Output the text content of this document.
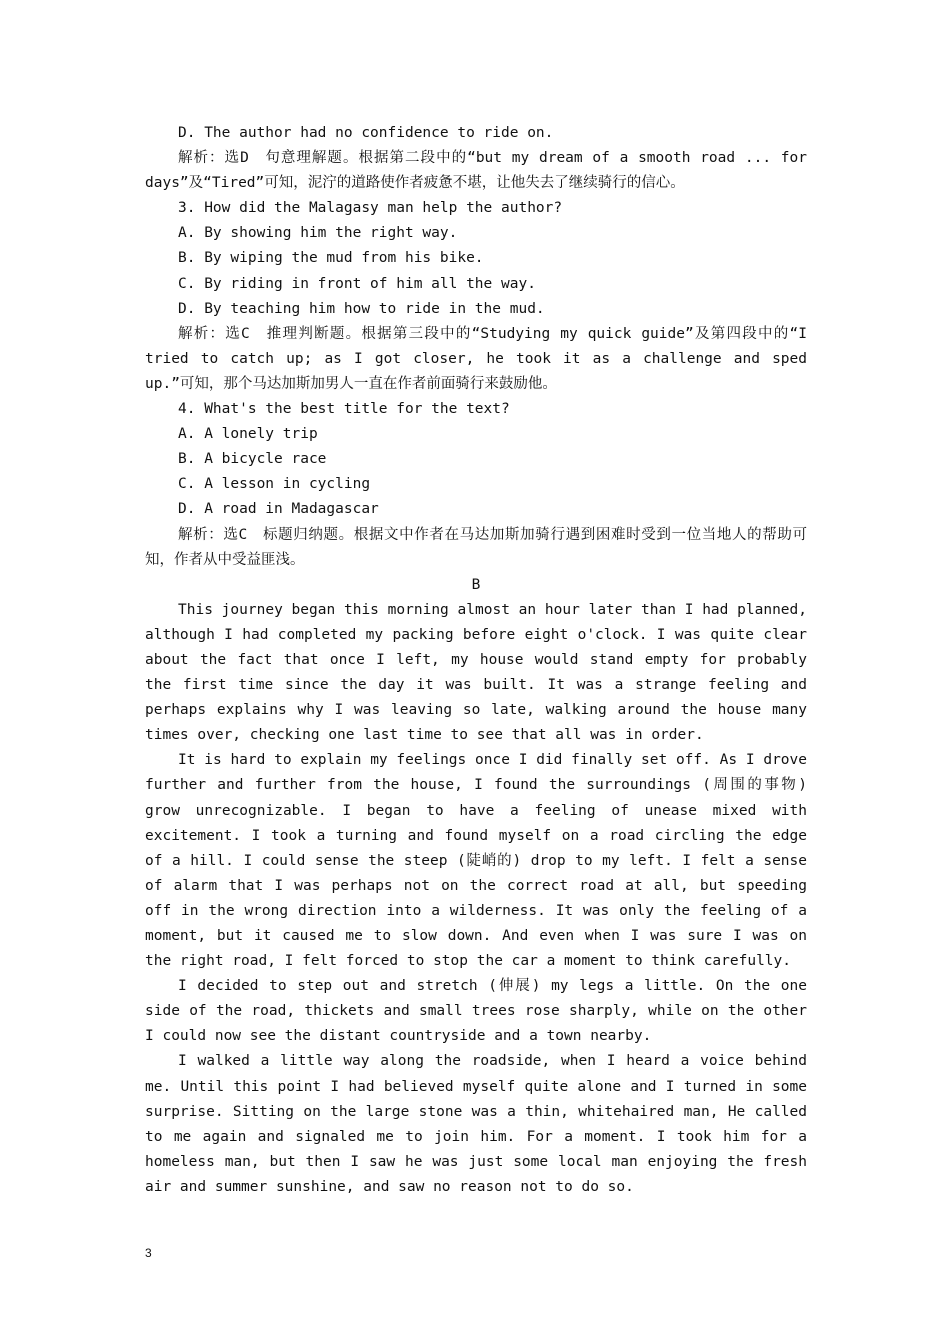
D. The author had no confidence to ride on.

解析：选D　句意理解题。根据第二段中的“but my dream of a smooth road ... for days”及“Tired”可知，泥泞的道路使作者疲惫不堪，让他失去了继续骑行的信心。

3. How did the Malagasy man help the author?

A. By showing him the right way.

B. By wiping the mud from his bike.

C. By riding in front of him all the way.

D. By teaching him how to ride in the mud.

解析：选C　推理判断题。根据第三段中的“Studying my quick guide”及第四段中的“I tried to catch up; as I got closer, he took it as a challenge and sped up.”可知，那个马达加斯加男人一直在作者前面骑行来鼓励他。

4. What's the best title for the text?

A. A lonely trip

B. A bicycle race

C. A lesson in cycling

D. A road in Madagascar

解析：选C　标题归纳题。根据文中作者在马达加斯加骑行遇到困难时受到一位当地人的帮助可知，作者从中受益匪浅。

B

This journey began this morning almost an hour later than I had planned, although I had completed my packing before eight o'clock. I was quite clear about the fact that once I left, my house would stand empty for probably the first time since the day it was built. It was a strange feeling and perhaps explains why I was leaving so late, walking around the house many times over, checking one last time to see that all was in order.

It is hard to explain my feelings once I did finally set off. As I drove further and further from the house, I found the surroundings (周围的事物) grow unrecognizable. I began to have a feeling of unease mixed with excitement. I took a turning and found myself on a road circling the edge of a hill. I could sense the steep (陡峭的) drop to my left. I felt a sense of alarm that I was perhaps not on the correct road at all, but speeding off in the wrong direction into a wilderness. It was only the feeling of a moment, but it caused me to slow down. And even when I was sure I was on the right road, I felt forced to stop the car a moment to think carefully.

I decided to step out and stretch (伸展) my legs a little. On the one side of the road, thickets and small trees rose sharply, while on the other I could now see the distant countryside and a town nearby.

I walked a little way along the roadside, when I heard a voice behind me. Until this point I had believed myself quite alone and I turned in some surprise. Sitting on the large stone was a thin, whitehaired man, He called to me again and signaled me to join him. For a moment. I took him for a homeless man, but then I saw he was just some local man enjoying the fresh air and summer sunshine, and saw no reason not to do so.

3
